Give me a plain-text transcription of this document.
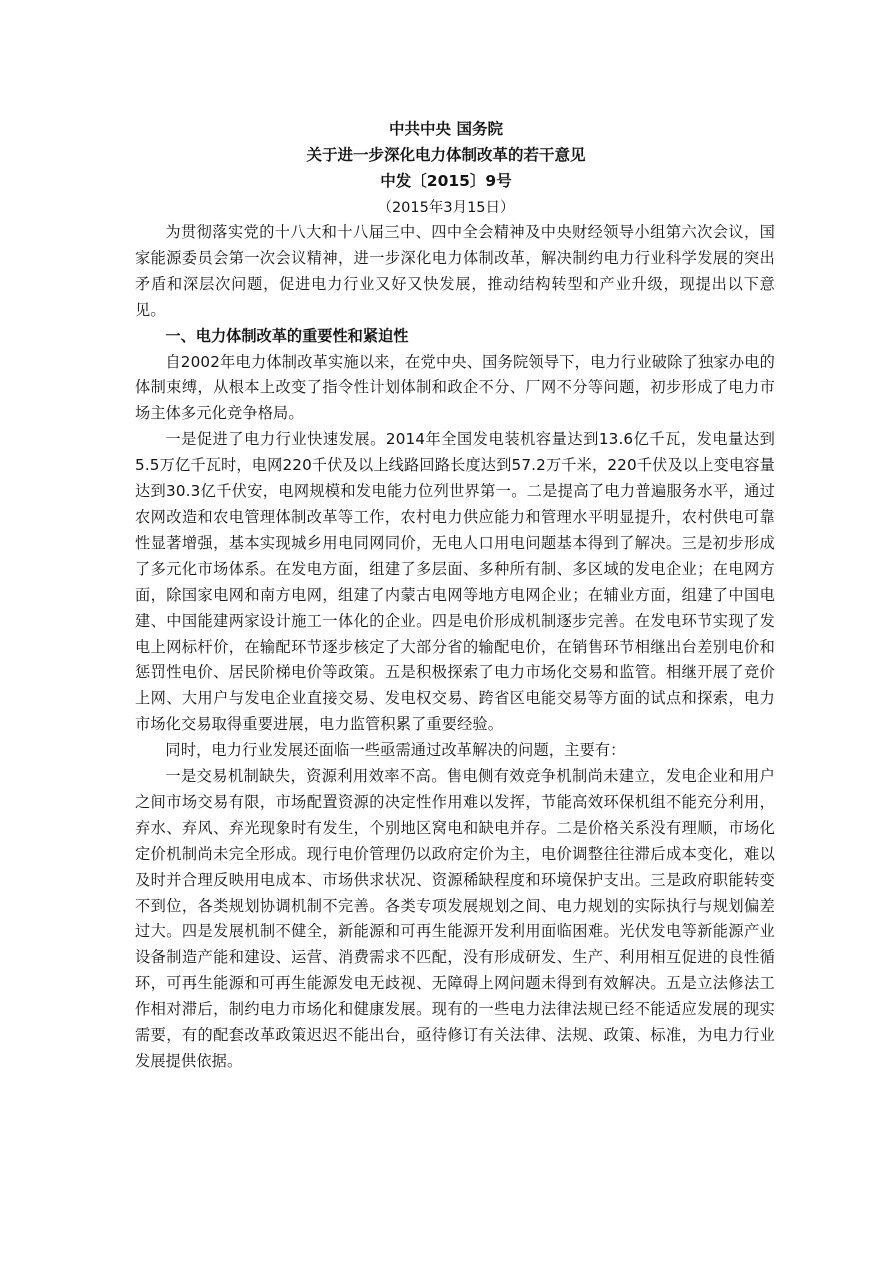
中共中央 国务院
关于进一步深化电力体制改革的若干意见
中发〔2015〕9号
（2015年3月15日）

为贯彻落实党的十八大和十八届三中、四中全会精神及中央财经领导小组第六次会议，国家能源委员会第一次会议精神，进一步深化电力体制改革，解决制约电力行业科学发展的突出矛盾和深层次问题，促进电力行业又好又快发展，推动结构转型和产业升级，现提出以下意见。

一、电力体制改革的重要性和紧迫性

自2002年电力体制改革实施以来，在党中央、国务院领导下，电力行业破除了独家办电的体制束缚，从根本上改变了指令性计划体制和政企不分、厂网不分等问题，初步形成了电力市场主体多元化竞争格局。

一是促进了电力行业快速发展。2014年全国发电装机容量达到13.6亿千瓦，发电量达到5.5万亿千瓦时，电网220千伏及以上线路回路长度达到57.2万千米，220千伏及以上变电容量达到30.3亿千伏安，电网规模和发电能力位列世界第一。二是提高了电力普遍服务水平，通过农网改造和农电管理体制改革等工作，农村电力供应能力和管理水平明显提升，农村供电可靠性显著增强，基本实现城乡用电同网同价，无电人口用电问题基本得到了解决。三是初步形成了多元化市场体系。在发电方面，组建了多层面、多种所有制、多区域的发电企业；在电网方面，除国家电网和南方电网，组建了内蒙古电网等地方电网企业；在辅业方面，组建了中国电建、中国能建两家设计施工一体化的企业。四是电价形成机制逐步完善。在发电环节实现了发电上网标杆价，在输配环节逐步核定了大部分省的输配电价，在销售环节相继出台差别电价和惩罚性电价、居民阶梯电价等政策。五是积极探索了电力市场化交易和监管。相继开展了竞价上网、大用户与发电企业直接交易、发电权交易、跨省区电能交易等方面的试点和探索，电力市场化交易取得重要进展，电力监管积累了重要经验。

同时，电力行业发展还面临一些亟需通过改革解决的问题，主要有：

一是交易机制缺失，资源利用效率不高。售电侧有效竞争机制尚未建立，发电企业和用户之间市场交易有限，市场配置资源的决定性作用难以发挥，节能高效环保机组不能充分利用，弃水、弃风、弃光现象时有发生，个别地区窝电和缺电并存。二是价格关系没有理顺，市场化定价机制尚未完全形成。现行电价管理仍以政府定价为主，电价调整往往滞后成本变化，难以及时并合理反映用电成本、市场供求状况、资源稀缺程度和环境保护支出。三是政府职能转变不到位，各类规划协调机制不完善。各类专项发展规划之间、电力规划的实际执行与规划偏差过大。四是发展机制不健全，新能源和可再生能源开发利用面临困难。光伏发电等新能源产业设备制造产能和建设、运营、消费需求不匹配，没有形成研发、生产、利用相互促进的良性循环，可再生能源和可再生能源发电无歧视、无障碍上网问题未得到有效解决。五是立法修法工作相对滞后，制约电力市场化和健康发展。现有的一些电力法律法规已经不能适应发展的现实需要，有的配套改革政策迟迟不能出台，亟待修订有关法律、法规、政策、标准，为电力行业发展提供依据。
